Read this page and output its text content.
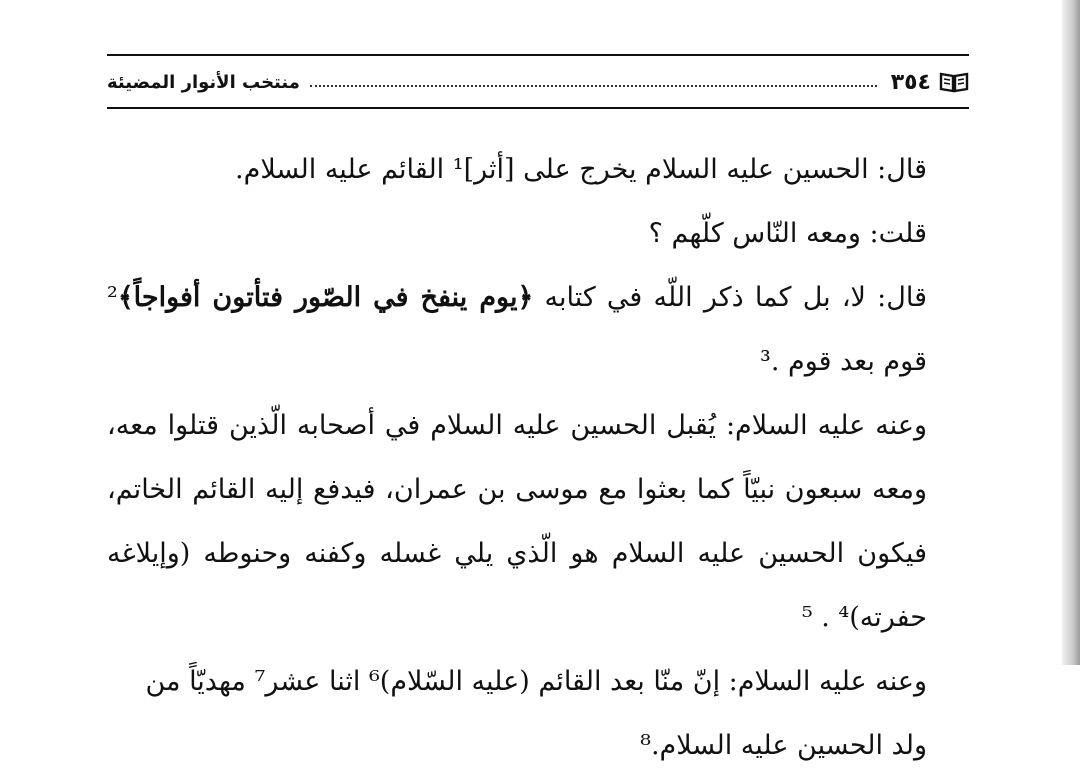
٣٥٤
منتخب الأنوار المضيئة

قال: الحسين عليه السلام يخرج على [أثر]¹ القائم عليه السلام.

قلت: ومعه النّاس كلّهم ؟

قال: لا، بل كما ذكر اللّه في كتابه ﴿يوم ينفخ في الصّور فتأتون أفواجاً﴾² قوم بعد قوم .³

وعنه عليه السلام: يُقبل الحسين عليه السلام في أصحابه الّذين قتلوا معه، ومعه سبعون نبيّاً كما بعثوا مع موسى بن عمران، فيدفع إليه القائم الخاتم، فيكون الحسين عليه السلام هو الّذي يلي غسله وكفنه وحنوطه (وإيلاغه حفرته)⁴ . ⁵

وعنه عليه السلام: إنّ منّا بعد القائم (عليه السّلام)⁶ اثنا عشر⁷ مهديّاً من ولد الحسين عليه السلام.⁸
